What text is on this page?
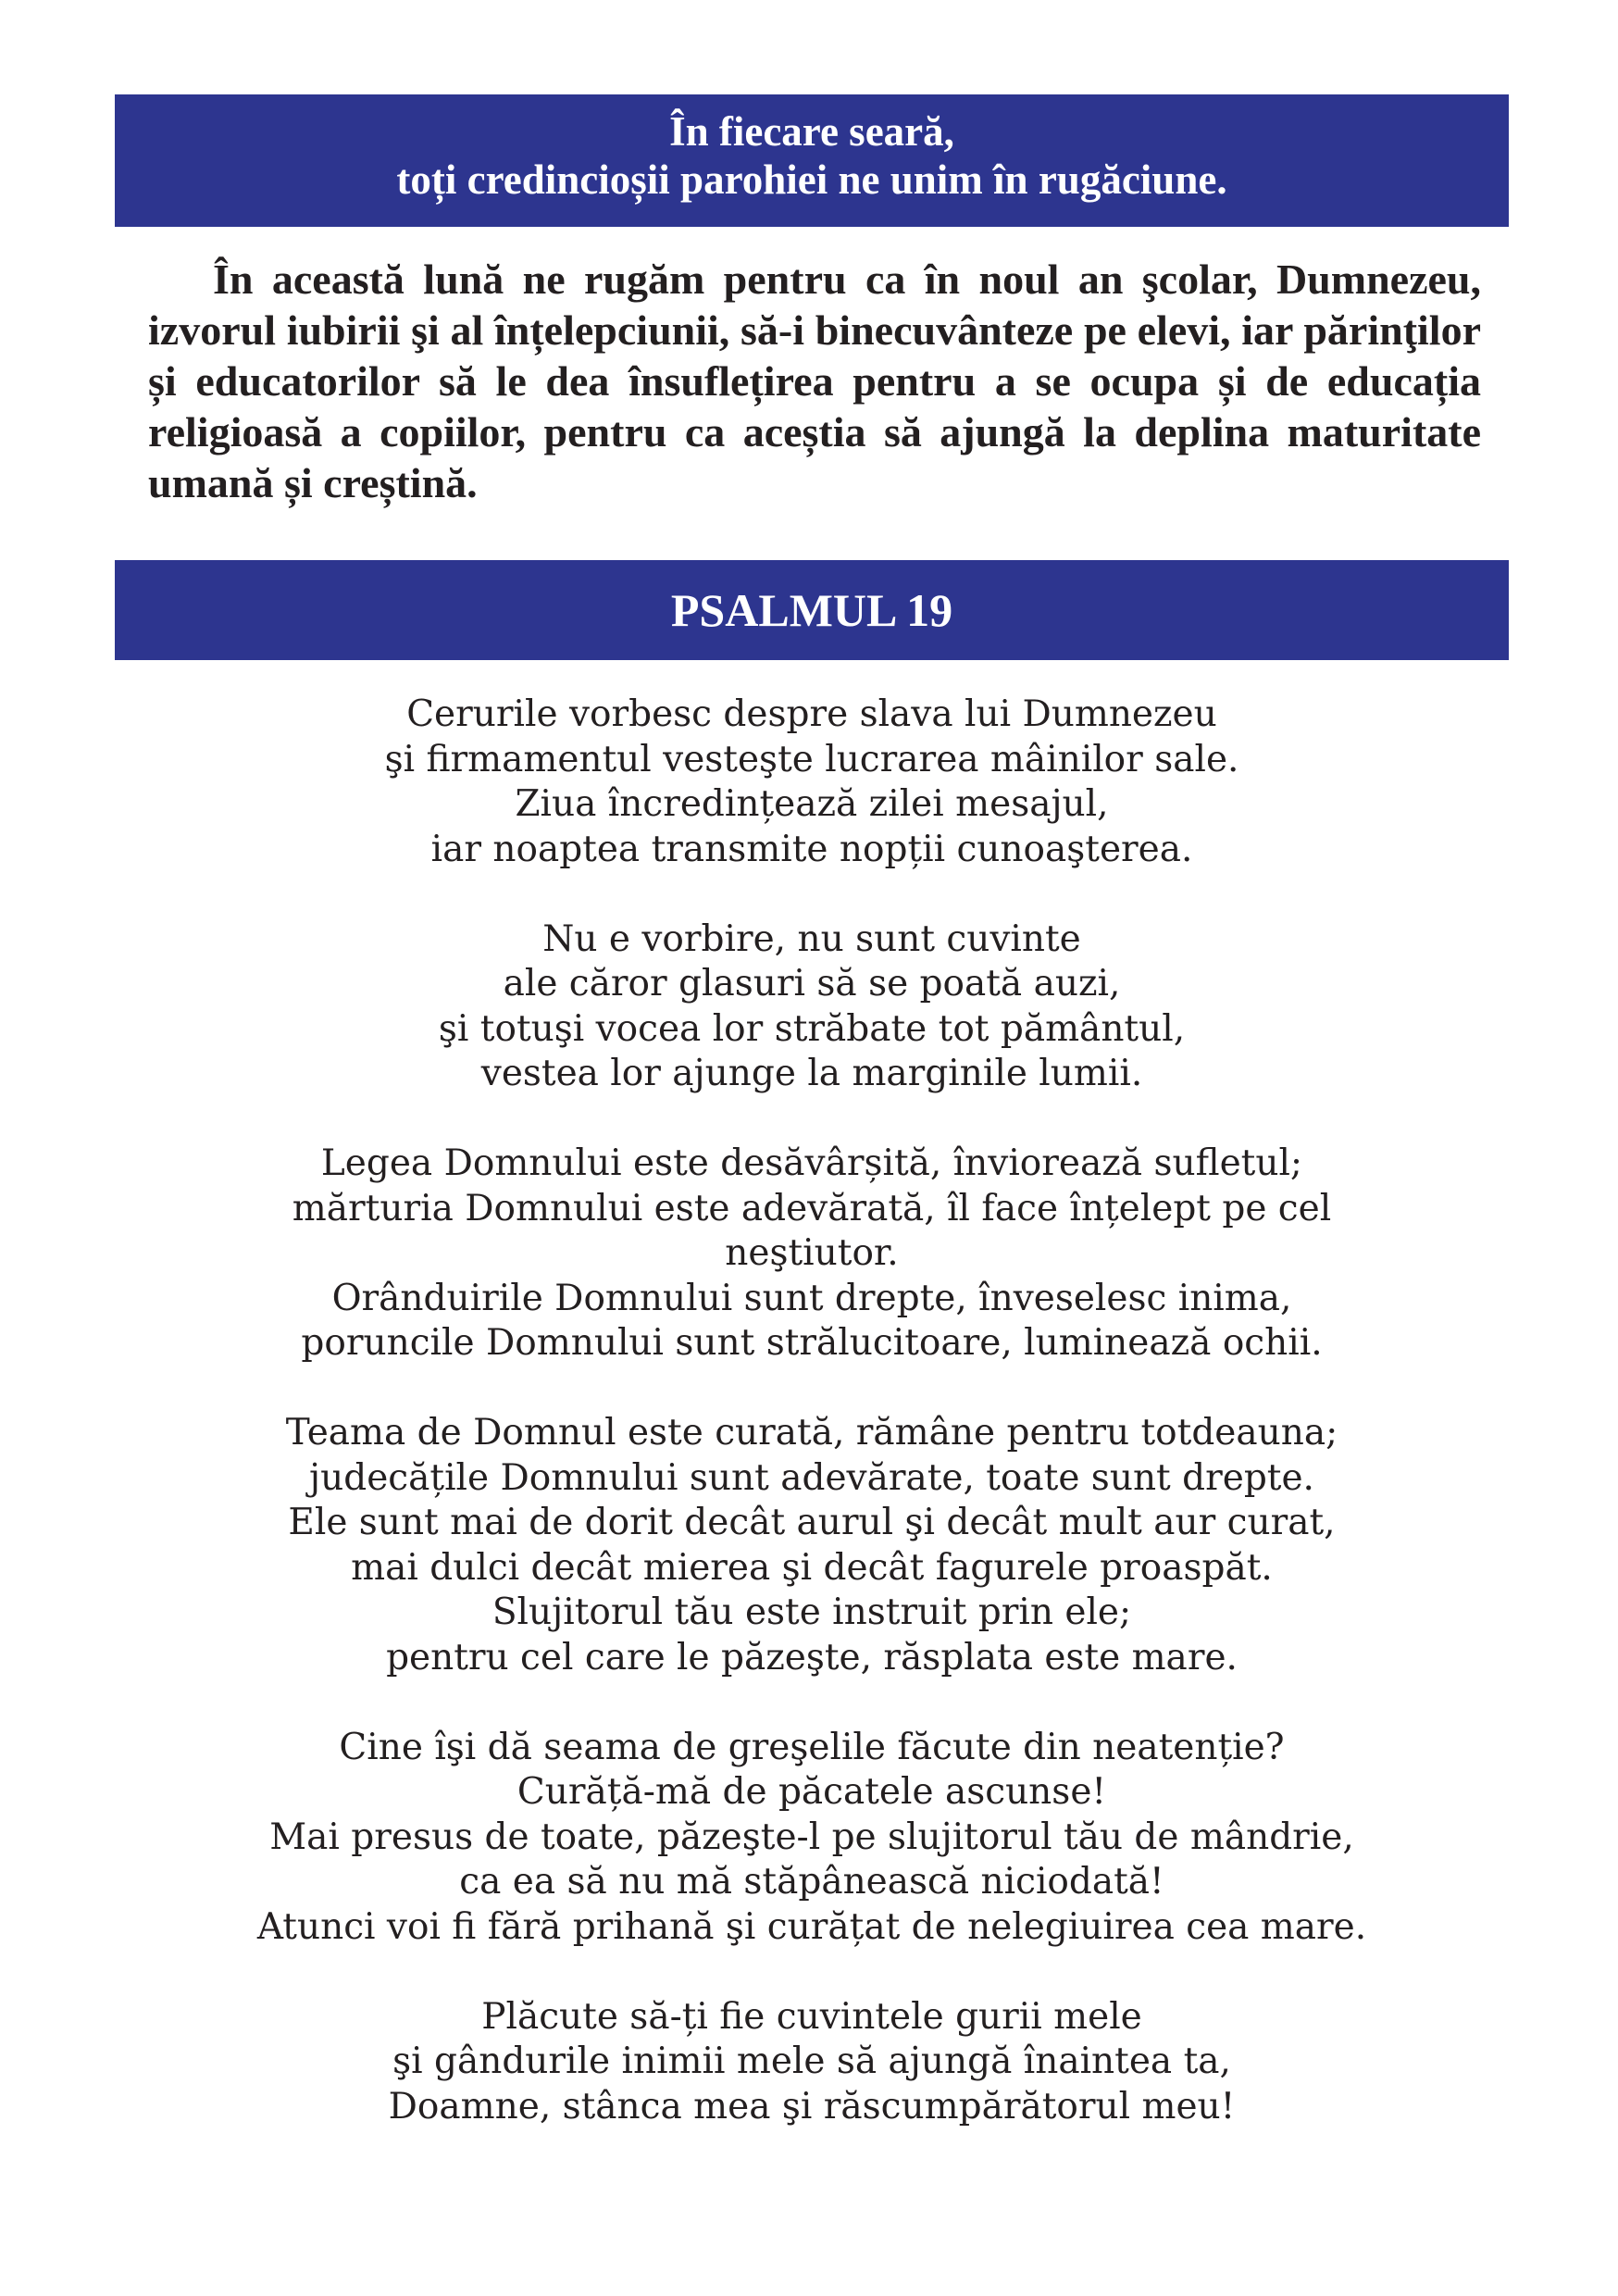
În fiecare seară,
toți credincioșii parohiei ne unim în rugăciune.

În această lună ne rugăm pentru ca în noul an şcolar, Dumnezeu, izvorul iubirii şi al înțelepciunii, să-i binecuvânteze pe elevi, iar părinţilor și educatorilor să le dea însuflețirea pentru a se ocupa și de educația religioasă a copiilor, pentru ca aceștia să ajungă la deplina maturitate umană și creștină.

PSALMUL 19
Cerurile vorbesc despre slava lui Dumnezeu
şi firmamentul vesteşte lucrarea mâinilor sale.
Ziua încredințează zilei mesajul,
iar noaptea transmite nopții cunoaşterea.
Nu e vorbire, nu sunt cuvinte
ale căror glasuri să se poată auzi,
şi totuşi vocea lor străbate tot pământul,
vestea lor ajunge la marginile lumii.
Legea Domnului este desăvârșită, înviorează sufletul;
mărturia Domnului este adevărată, îl face înțelept pe cel
neştiutor.
Orânduirile Domnului sunt drepte, înveselesc inima,
poruncile Domnului sunt strălucitoare, luminează ochii.
Teama de Domnul este curată, rămâne pentru totdeauna;
judecățile Domnului sunt adevărate, toate sunt drepte.
Ele sunt mai de dorit decât aurul şi decât mult aur curat,
mai dulci decât mierea şi decât fagurele proaspăt.
Slujitorul tău este instruit prin ele;
pentru cel care le păzeşte, răsplata este mare.
Cine îşi dă seama de greşelile făcute din neatenție?
Curăță-mă de păcatele ascunse!
Mai presus de toate, păzeşte-l pe slujitorul tău de mândrie,
ca ea să nu mă stăpânească niciodată!
Atunci voi fi fără prihană şi curățat de nelegiuirea cea mare.
Plăcute să-ți fie cuvintele gurii mele
şi gândurile inimii mele să ajungă înaintea ta,
Doamne, stânca mea şi răscumpărătorul meu!
